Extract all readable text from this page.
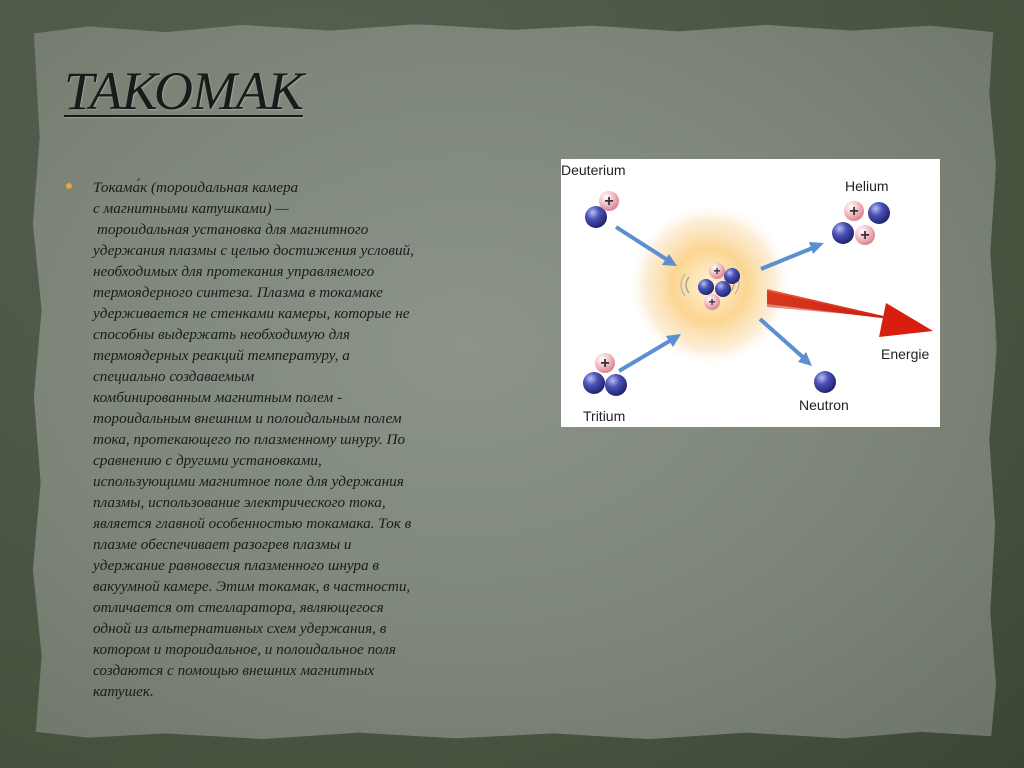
ТАКОМАК
Токама́к (тороидальная камера
с магнитными катушками) —
тороидальная установка для магнитного
удержания плазмы с целью достижения условий,
необходимых для протекания управляемого
термоядерного синтеза. Плазма в токамаке
удерживается не стенками камеры, которые не
способны выдержать необходимую для
термоядерных реакций температуру, а
специально создаваемым
комбинированным магнитным полем -
тороидальным внешним и полоидальным полем
тока, протекающего по плазменному шнуру. По
сравнению с другими установками,
использующими магнитное поле для удержания
плазмы, использование электрического тока,
является главной особенностью токамака. Ток в
плазме обеспечивает разогрев плазмы и
удержание равновесия плазменного шнура в
вакуумной камере. Этим токамак, в частности,
отличается от стелларатора, являющегося
одной из альтернативных схем удержания, в
котором и тороидальное, и полоидальное поля
создаются с помощью внешних магнитных
катушек.
+
+
+
+
+
+
Deuterium
Tritium
Helium
Neutron
Energie
